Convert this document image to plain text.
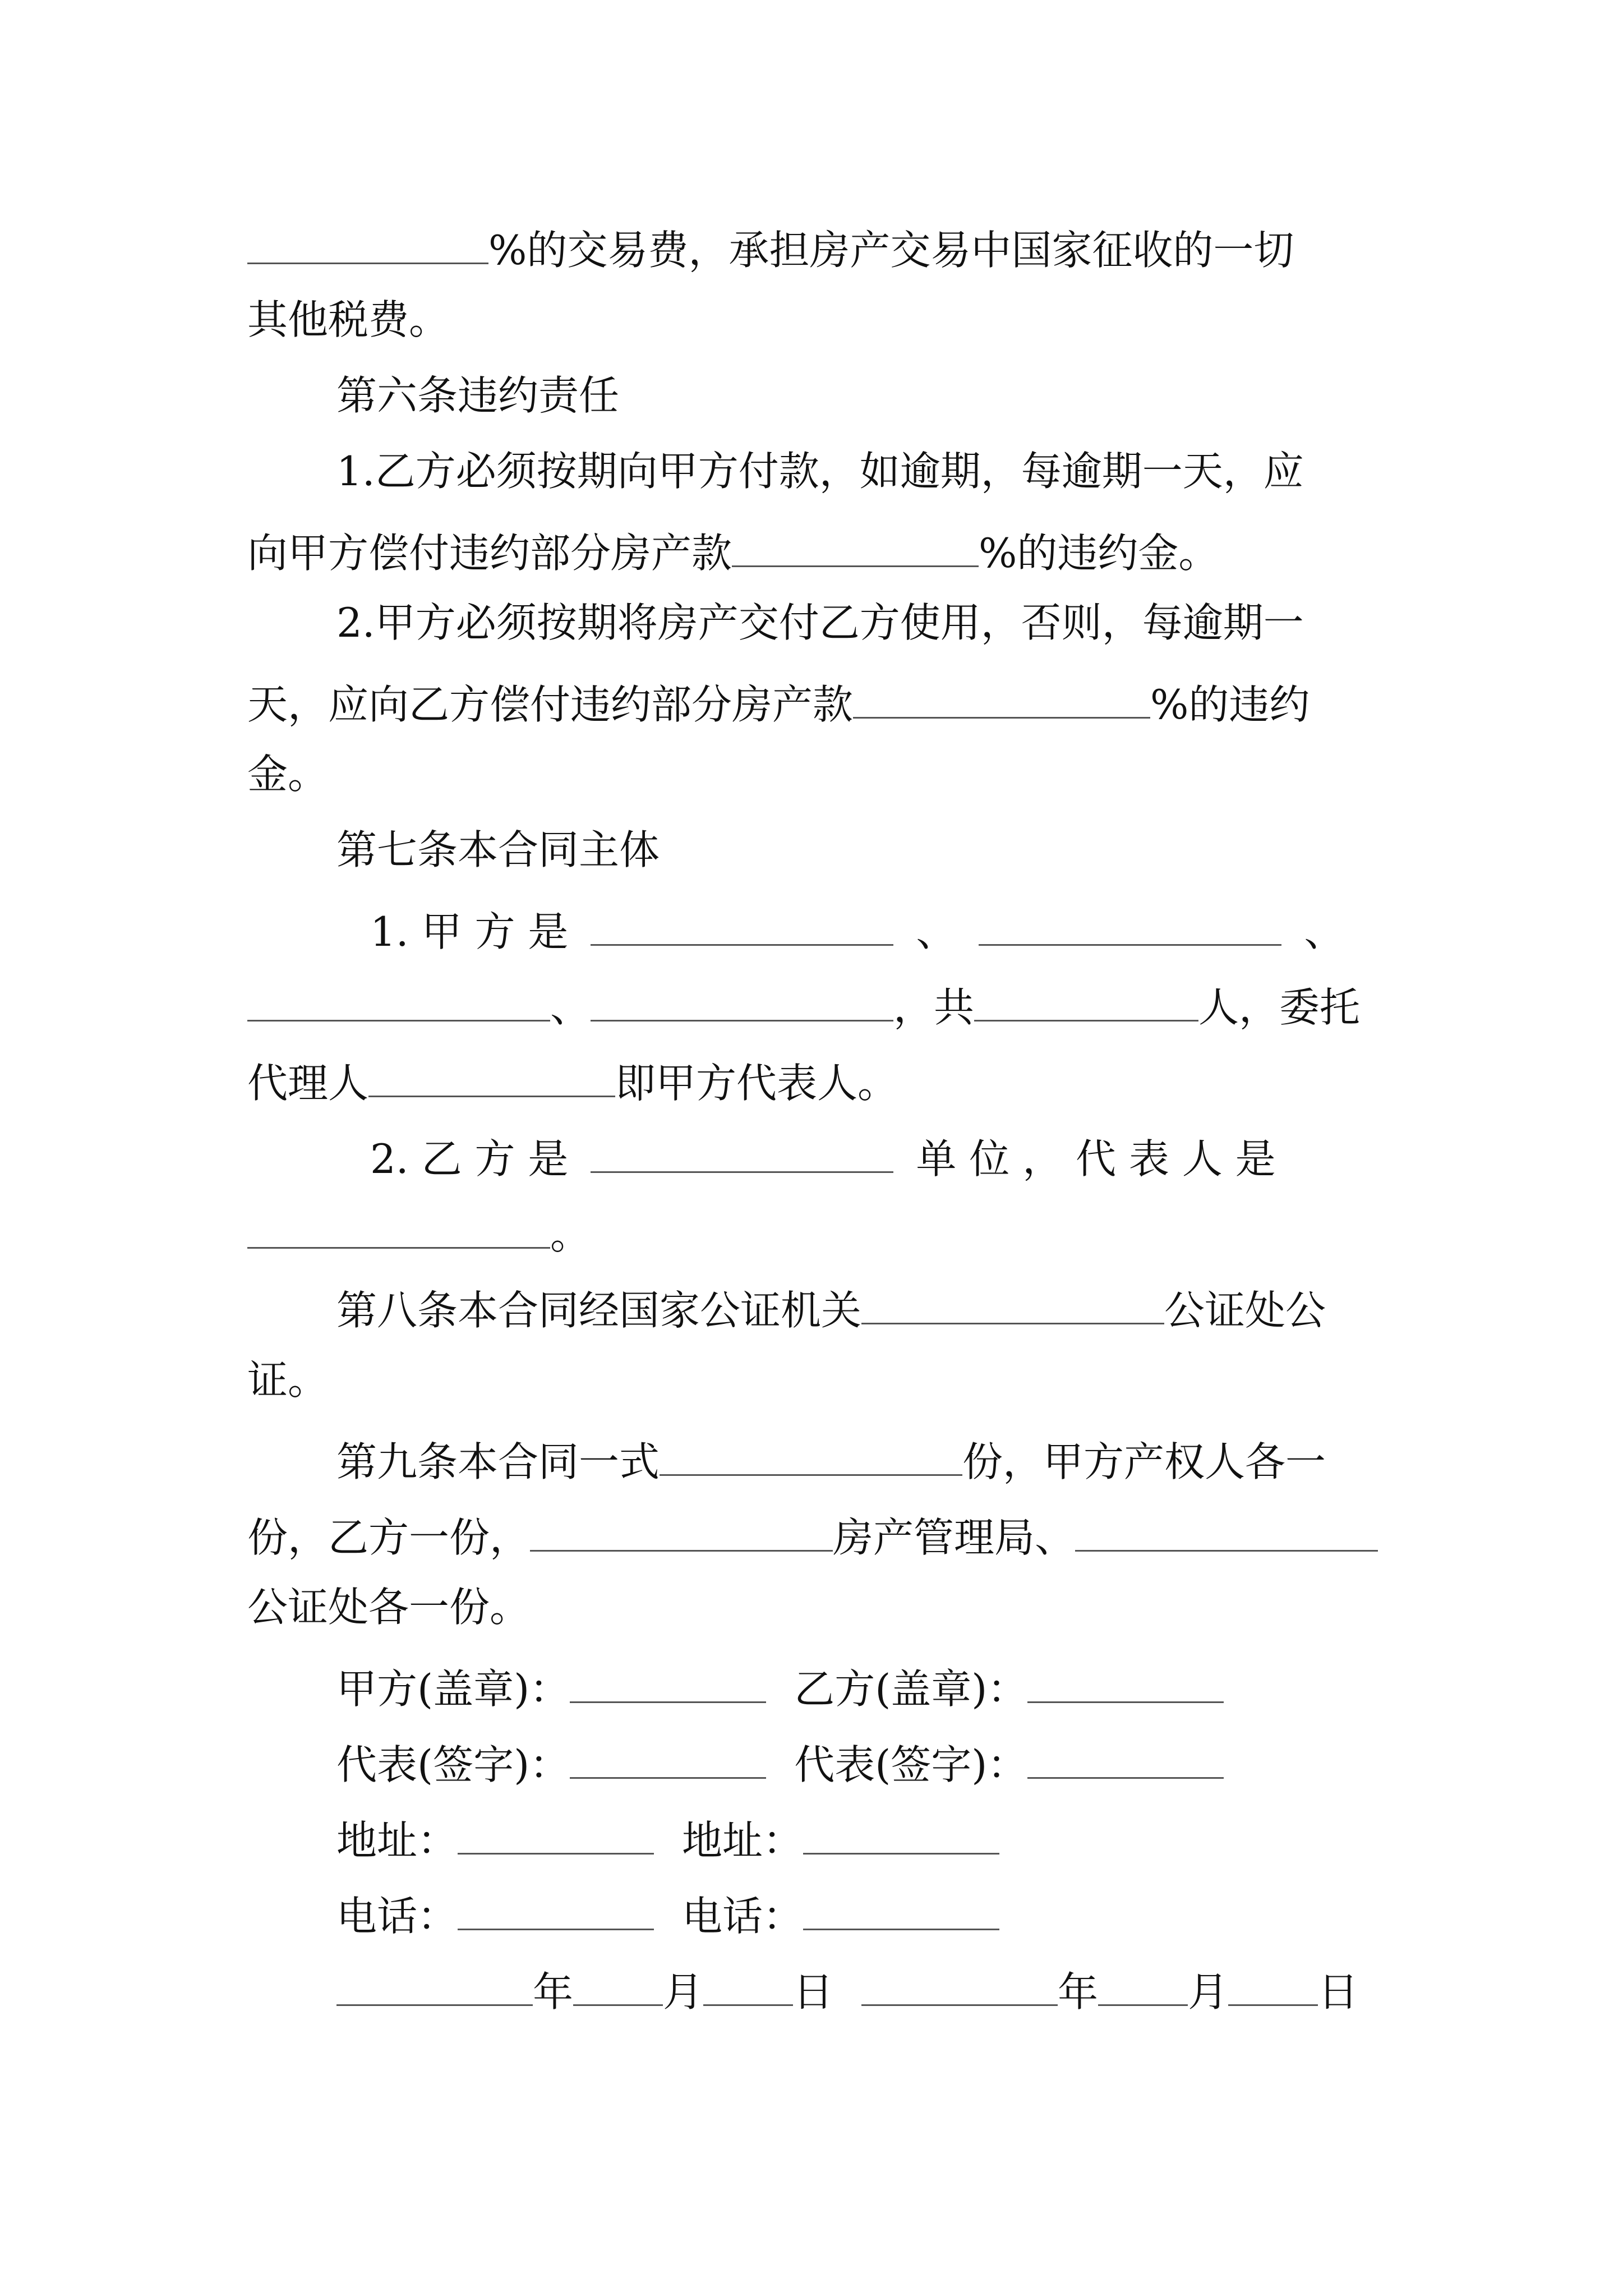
%的交易费，承担房产交易中国家征收的一切
其他税费。
第六条违约责任
1.乙方必须按期向甲方付款，如逾期，每逾期一天，应
向甲方偿付违约部分房产款	%的违约金。
2.甲方必须按期将房产交付乙方使用，否则，每逾期一
天，应向乙方偿付违约部分房产款	%的违约
金。
第七条本合同主体
1. 甲 方 是	、	、
、	，共	人，委托
代理人	即甲方代表人。
2. 乙 方 是	单 位 ， 代 表 人 是
。
第八条本合同经国家公证机关	公证处公
证。
第九条本合同一式	份，甲方产权人各一
份，乙方一份，	房产管理局、
公证处各一份。
甲方(盖章)：	乙方(盖章)：
代表(签字)：	代表(签字)：
地址：	地址：
电话：	电话：
年 月 日	年 月 日
